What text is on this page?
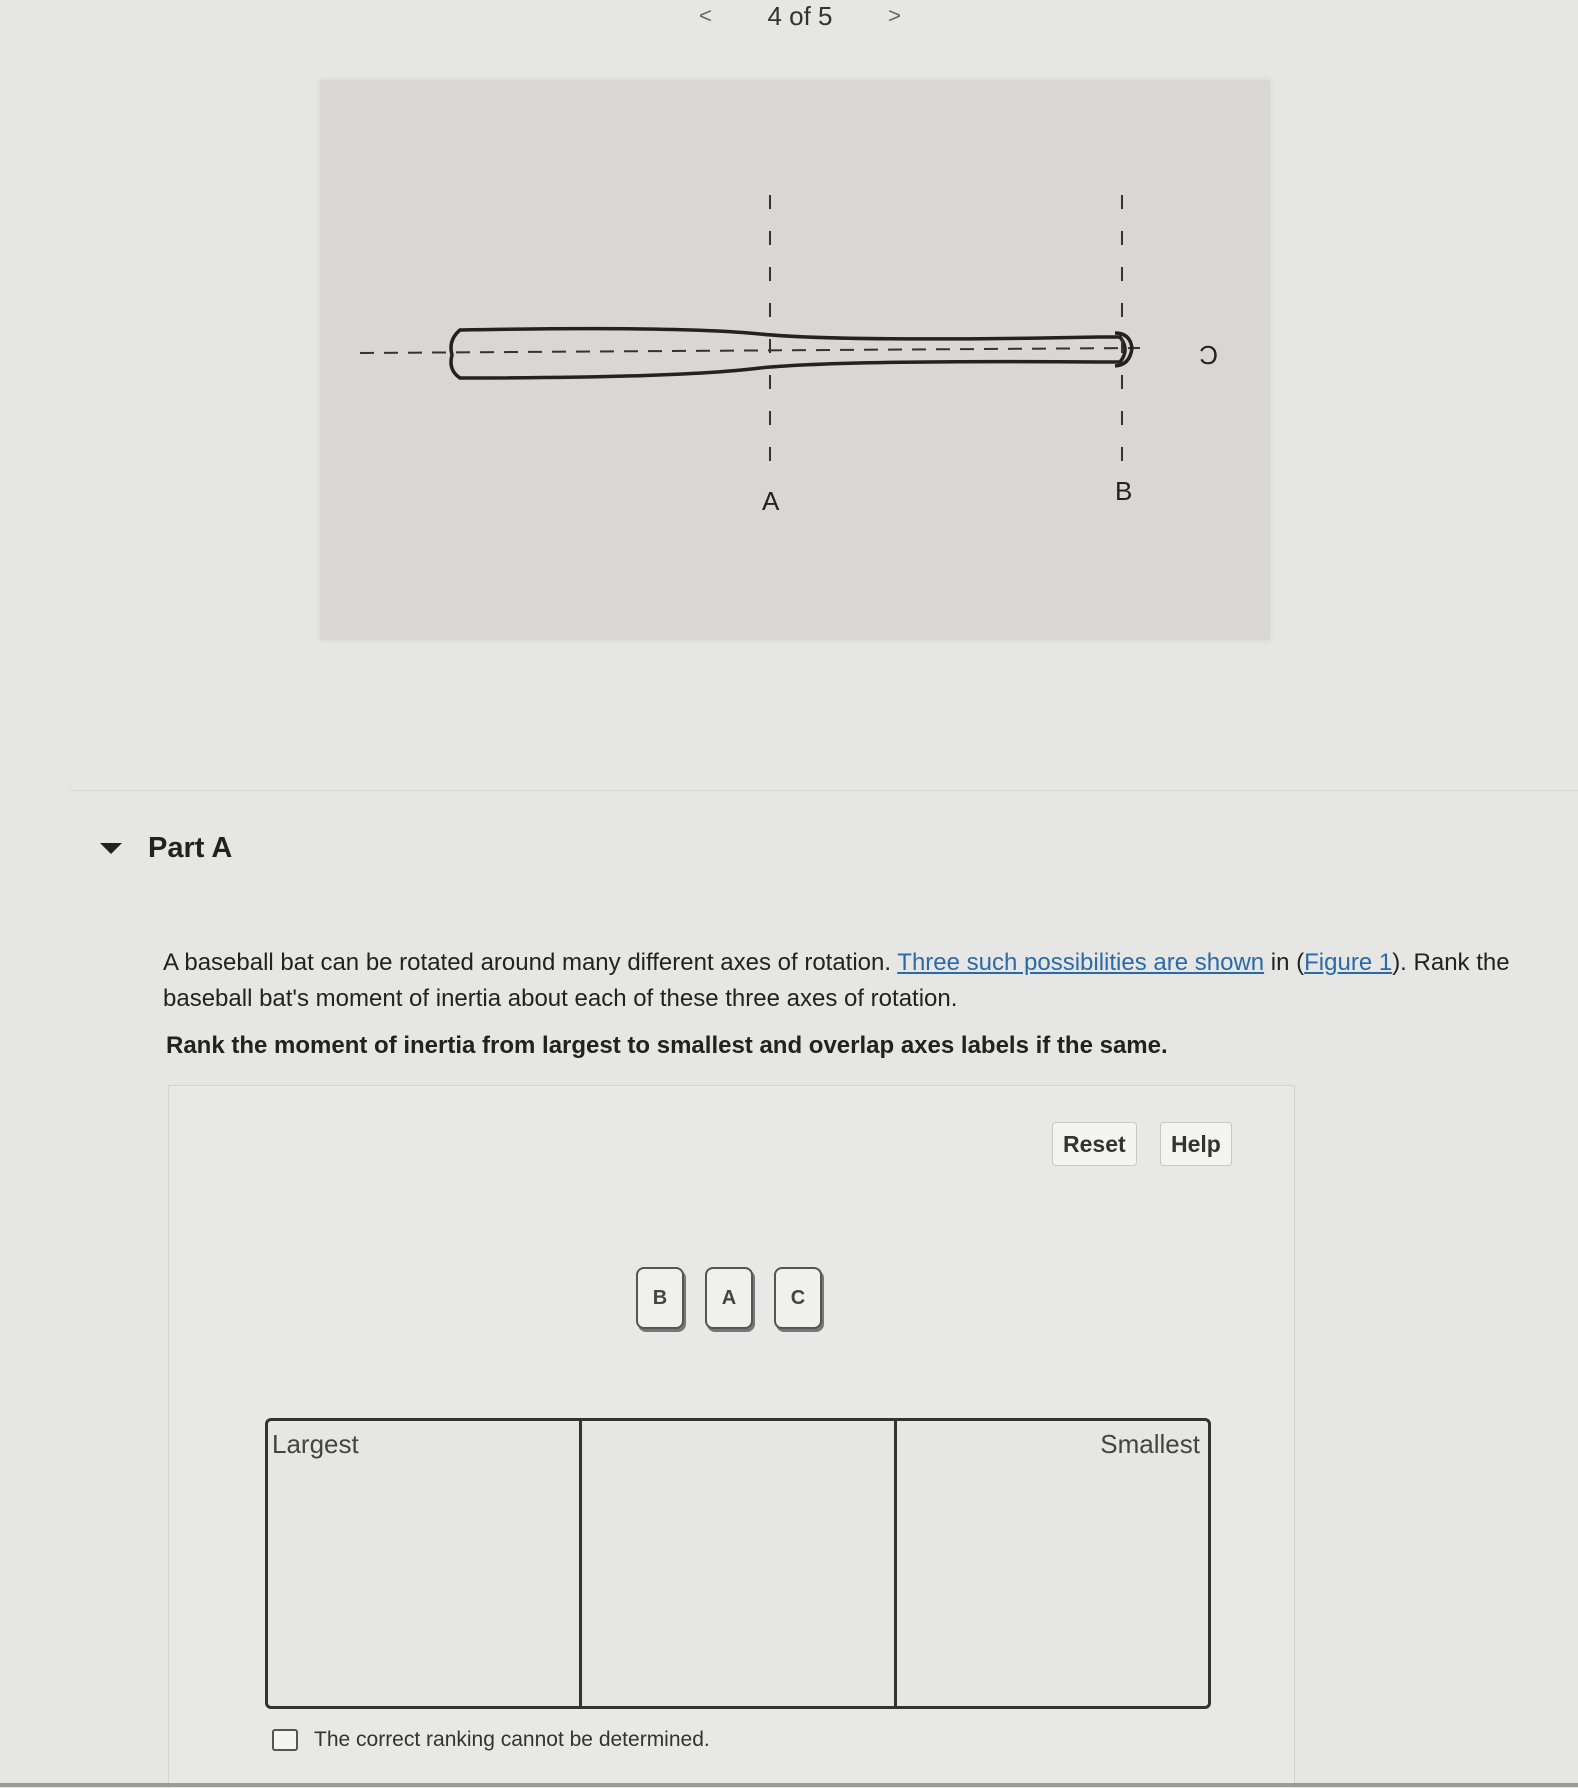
<	4 of 5	>
A	B
C
Part A
A baseball bat can be rotated around many different axes of rotation. Three such possibilities are shown in (Figure 1). Rank the baseball bat's moment of inertia about each of these three axes of rotation.
Rank the moment of inertia from largest to smallest and overlap axes labels if the same.
Reset	Help
B	A	C
Largest	Smallest
The correct ranking cannot be determined.
